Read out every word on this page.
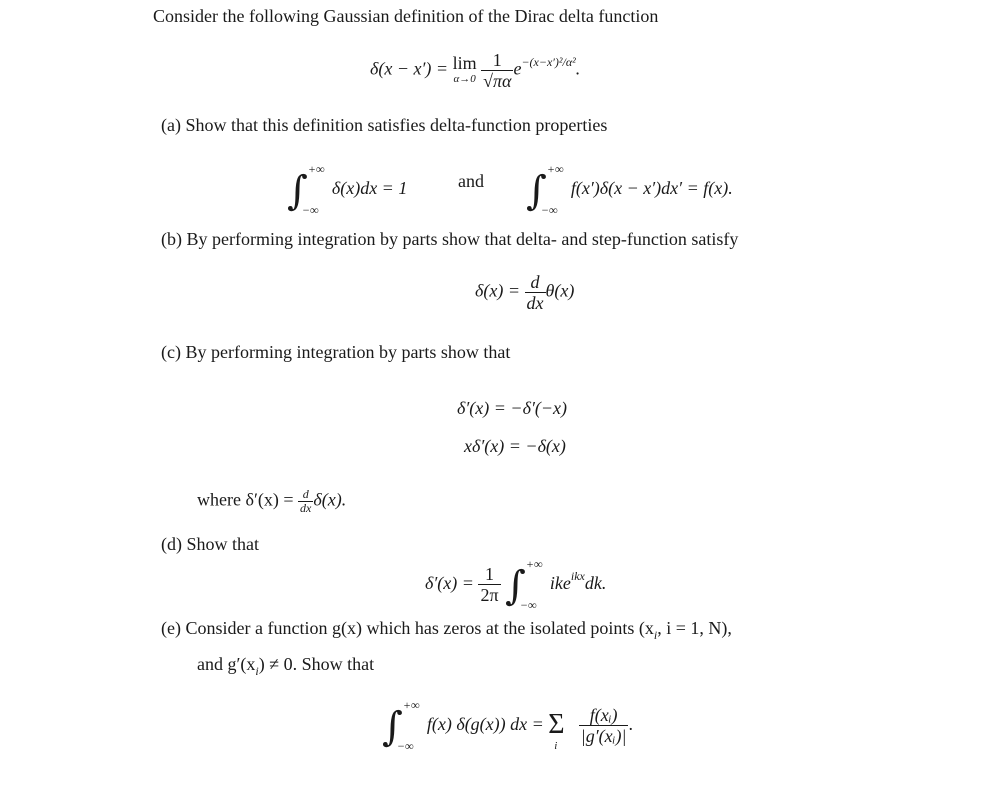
Consider the following Gaussian definition of the Dirac delta function
δ(x − x′) = lim
α→0
$\frac{1}{√\pi\alpha} e^{-(x-x')^2/\alpha^2}$.
(a) Show that this definition satisfies delta-function properties
∫ +∞
−∞
δ(x)dx = 1	and ∫ +∞
−∞
f(x′)δ(x − x′)dx′ = f(x).
(b) By performing integration by parts show that delta- and step-function satisfy
$\delta(x) = \frac{d}{dx} \theta(x)$
(c) By performing integration by parts show that
δ′(x) = −δ′(−x)
xδ′(x) = −δ(x)
where $\delta'(x) = \frac{d}{dx} \delta(x)$.
(d) Show that
$\delta'(x) = \frac{1}{2\pi}$ ∫ +∞
−∞
ike$^{ikx}$dk.
(e) Consider a function g(x) which has zeros at the isolated points ($x_i$, i = 1, N),
and $g'(x_i) \ne 0$. Show that
∫ +∞
−∞
f(x) δ(g(x)) dx = Σ
i
$\frac{\text{f(xᵢ)}}{\text{|g′(xᵢ)|}}$ .
